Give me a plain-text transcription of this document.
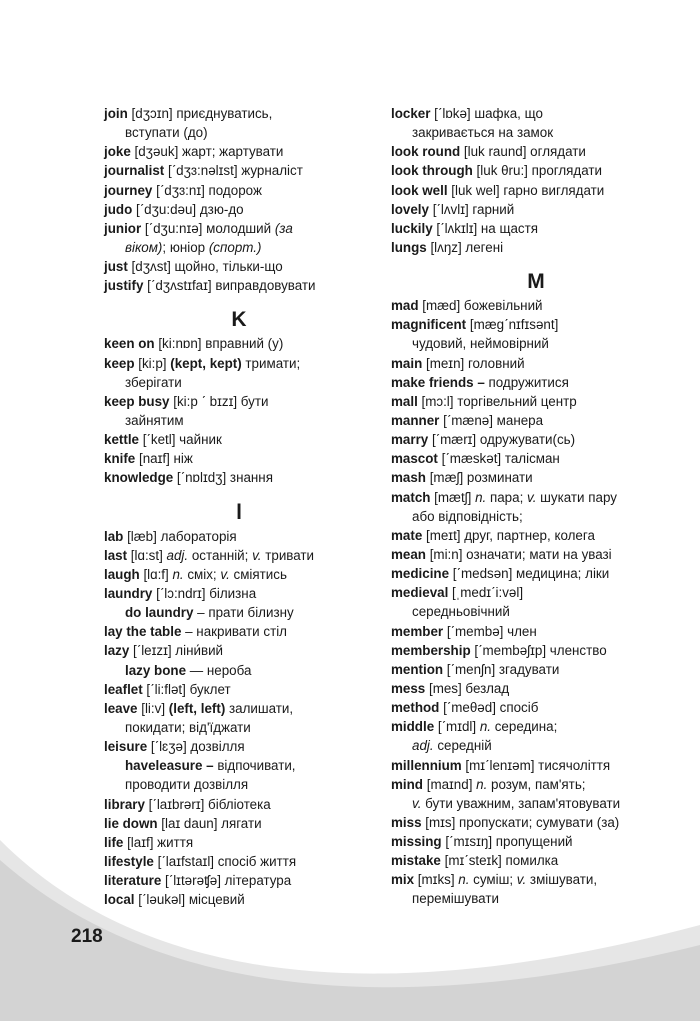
join [dʒɔɪn] приєднуватись,
вступати (до)
joke [dʒəuk] жарт; жартувати
journalist [ˊdʒɜ:nəlɪst] журналіст
journey [ˊdʒɜ:nɪ] подорож
judo [ˊdʒu:dəu] дзю-до
junior [ˊdʒu:nɪə] молодший (за
віком); юніор (спорт.)
just [dʒʌst] щойно, тільки-що
justify [ˊdʒʌstɪfaɪ] виправдовувати
K
keen on [ki:nɒn] вправний (у)
keep [ki:p] (kept, kept) тримати;
зберігати
keep busy [ki:p ˊ bɪzɪ] бути
зайнятим
kettle [ˊketl] чайник
knife [naɪf] ніж
knowledge [ˊnɒlɪdʒ] знання
l
lab [læb] лабораторія
last [lɑ:st] adj. останній; v. тривати
laugh [lɑ:f] n. сміх; v. сміятись
laundry [ˊlɔ:ndrɪ] білизна
do laundry – прати білизну
lay the table – накривати стіл
lazy [ˊleɪzɪ] ліни́вий
lazy bone — нероба
leaflet [ˊli:flət] буклет
leave [li:v] (left, left) залишати,
покидати; від'їджати
leisure [ˊlɛʒə] дозвілля
haveleasure – відпочивати,
проводити дозвілля
library [ˊlaɪbrərɪ] бібліотека
lie down [laɪ daun] лягати
life [laɪf] життя
lifestyle [ˊlaɪfstaɪl] спосіб життя
literature [ˊlɪtərəʧə] література
local [ˊləukəl] місцевий
locker [ˊlɒkə] шафка, що
закривається на замок
look round [luk raund] оглядати
look through [luk θru:] проглядати
look well [luk wel] гарно виглядати
lovely [ˊlʌvlɪ] гарний
luckily [ˊlʌkɪlɪ] на щастя
lungs [lʌŋz] легені
M
mad [mæd] божевільний
magnificent [mægˊnɪfɪsənt]
чудовий, неймовірний
main [meɪn] головний
make friends – подружитися
mall [mɔ:l] торгівельний центр
manner [ˊmænə] манера
marry [ˊmærɪ] одружувати(сь)
mascot [ˊmæskət] талісман
mash [mæʃ] розминати
match [mætʃ] n. пара; v. шукати пару
або відповідність;
mate [meɪt] друг, партнер, колега
mean [mi:n] означати; мати на увазі
medicine [ˊmedsən] медицина; ліки
medieval [ˌmedɪˊi:vəl]
середньовічний
member [ˊmembə] член
membership [ˊmembəʃɪp] членство
mention [ˊmenʃn] згадувати
mess [mes] безлад
method [ˊmeθəd] спосіб
middle [ˊmɪdl] n. середина;
adj. середній
millennium [mɪˊlenɪəm] тисячоліття
mind [maɪnd] n. розум, пам'ять;
v. бути уважним, запам'ятовувати
miss [mɪs] пропускати; сумувати (за)
missing [ˊmɪsɪŋ] пропущений
mistake [mɪˊsteɪk] помилка
mix [mɪks] n. суміш; v. змішувати,
перемішувати
218
